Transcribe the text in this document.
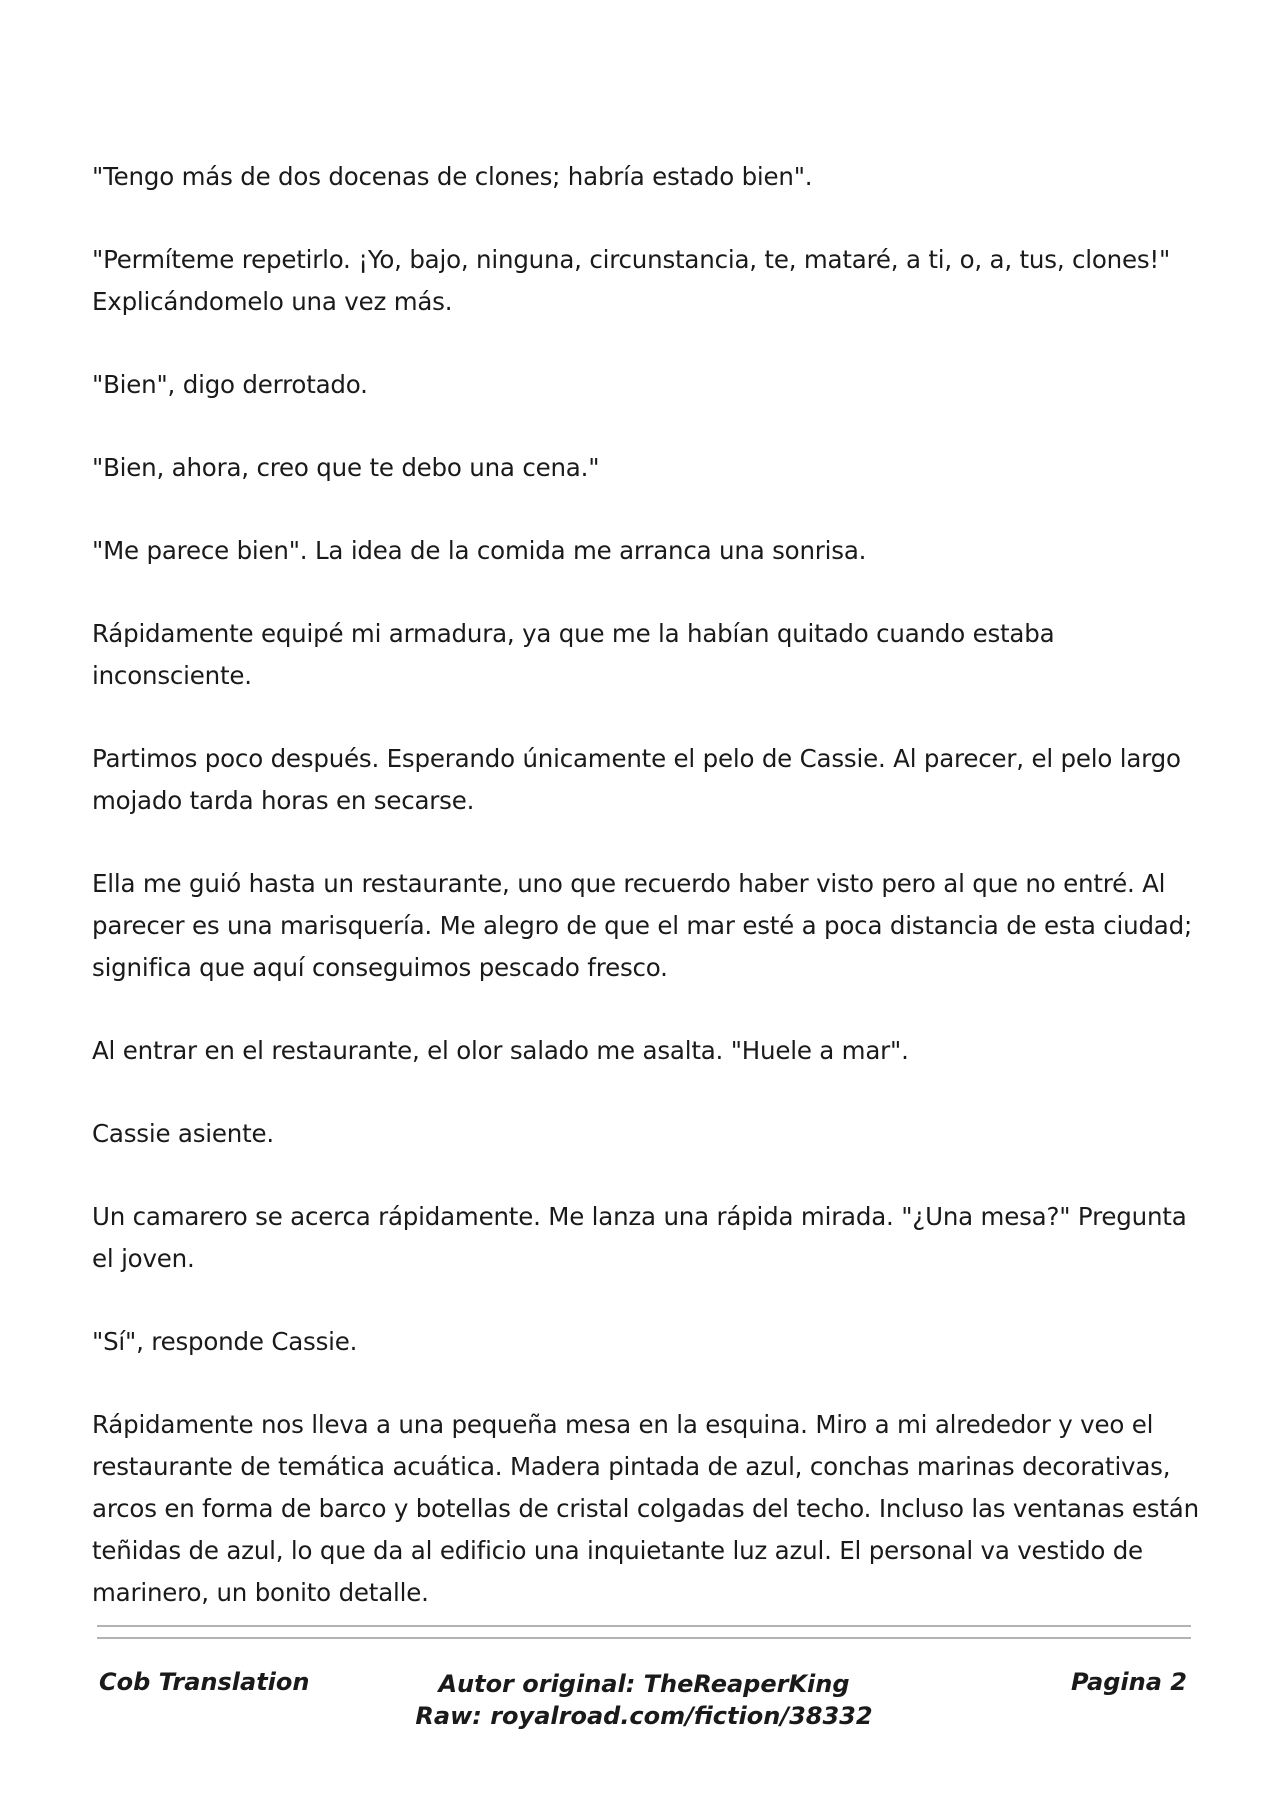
"Tengo más de dos docenas de clones; habría estado bien".

"Permíteme repetirlo. ¡Yo, bajo, ninguna, circunstancia, te, mataré, a ti, o, a, tus, clones!" Explicándomelo una vez más.

"Bien", digo derrotado.

"Bien, ahora, creo que te debo una cena."

"Me parece bien". La idea de la comida me arranca una sonrisa.

Rápidamente equipé mi armadura, ya que me la habían quitado cuando estaba inconsciente.

Partimos poco después. Esperando únicamente el pelo de Cassie. Al parecer, el pelo largo mojado tarda horas en secarse.

Ella me guió hasta un restaurante, uno que recuerdo haber visto pero al que no entré. Al parecer es una marisquería. Me alegro de que el mar esté a poca distancia de esta ciudad; significa que aquí conseguimos pescado fresco.

Al entrar en el restaurante, el olor salado me asalta. "Huele a mar".

Cassie asiente.

Un camarero se acerca rápidamente. Me lanza una rápida mirada. "¿Una mesa?" Pregunta el joven.

"Sí", responde Cassie.

Rápidamente nos lleva a una pequeña mesa en la esquina. Miro a mi alrededor y veo el restaurante de temática acuática. Madera pintada de azul, conchas marinas decorativas, arcos en forma de barco y botellas de cristal colgadas del techo. Incluso las ventanas están teñidas de azul, lo que da al edificio una inquietante luz azul. El personal va vestido de marinero, un bonito detalle.

Cob Translation	Autor original: TheReaperKing
Raw: royalroad.com/fiction/38332
Pagina 2
